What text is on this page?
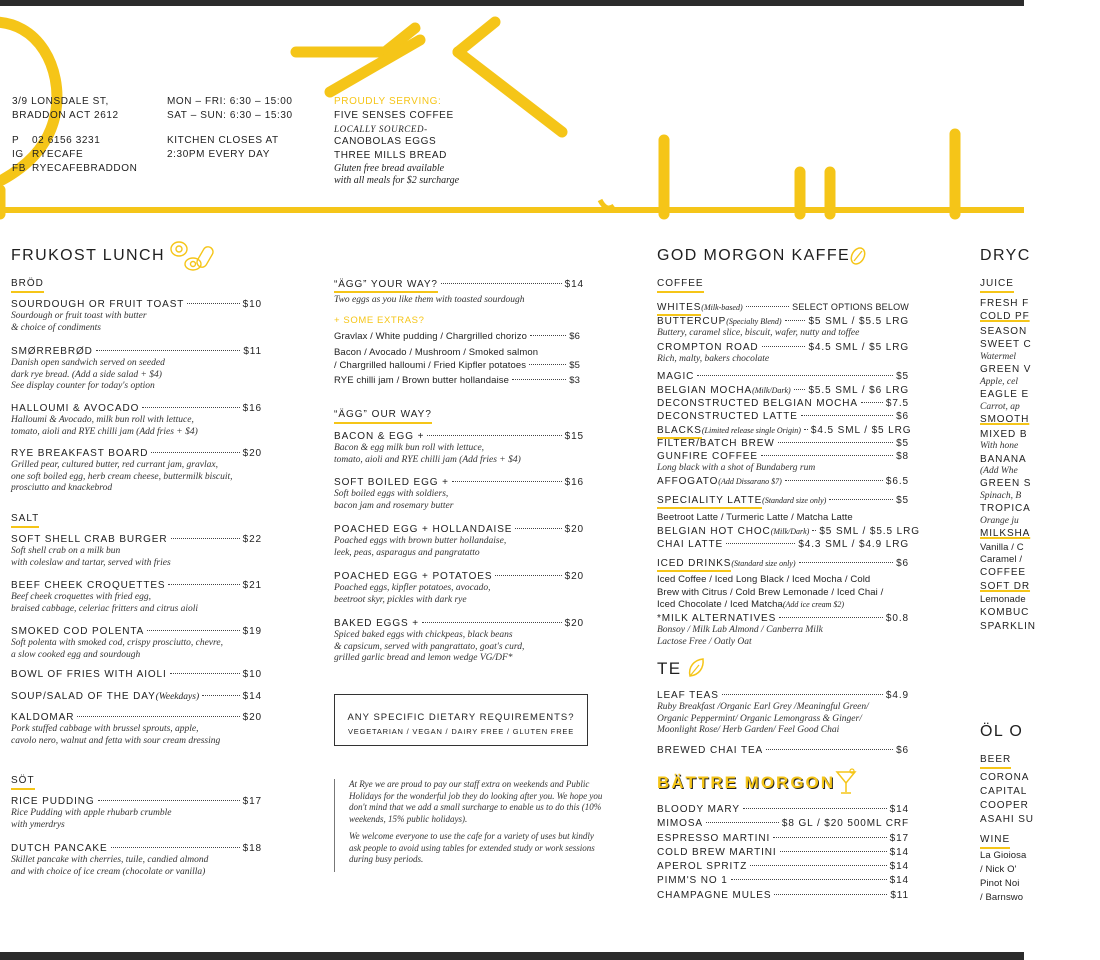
3/9 LONSDALE ST,
BRADDON ACT 2612
P 02 6156 3231
IG RYECAFE
FB RYECAFEBRADDON
MON – FRI: 6:30 – 15:00
SAT – SUN: 6:30 – 15:30
KITCHEN CLOSES AT
2:30PM EVERY DAY
PROUDLY SERVING:
FIVE SENSES COFFEE
LOCALLY SOURCED-
CANOBOLAS EGGS
THREE MILLS BREAD
Gluten free bread available
with all meals for $2 surcharge
FRUKOST LUNCH
BRÖD
SOURDOUGH OR FRUIT TOAST	$10
Sourdough or fruit toast with butter
& choice of condiments
SMØRREBRØD	$11
Danish open sandwich served on seeded
dark rye bread. (Add a side salad + $4)
See display counter for today's option
HALLOUMI & AVOCADO	$16
Halloumi & Avocado, milk bun roll with lettuce,
tomato, aioli and RYE chilli jam (Add fries + $4)
RYE BREAKFAST BOARD	$20
Grilled pear, cultured butter, red currant jam, gravlax,
one soft boiled egg, herb cream cheese, buttermilk biscuit,
prosciutto and knackebrod
SALT
SOFT SHELL CRAB BURGER	$22
Soft shell crab on a milk bun
with coleslaw and tartar, served with fries
BEEF CHEEK CROQUETTES	$21
Beef cheek croquettes with fried egg,
braised cabbage, celeriac fritters and citrus aioli
SMOKED COD POLENTA	$19
Soft polenta with smoked cod, crispy prosciutto, chevre,
a slow cooked egg and sourdough
BOWL OF FRIES WITH AIOLI	$10
SOUP/SALAD OF THE DAY (Weekdays)	$14
KALDOMAR	$20
Pork stuffed cabbage with brussel sprouts, apple,
cavolo nero, walnut and fetta with sour cream dressing
SÖT
RICE PUDDING	$17
Rice Pudding with apple rhubarb crumble
with ymerdrys
DUTCH PANCAKE	$18
Skillet pancake with cherries, tuile, candied almond
and with choice of ice cream (chocolate or vanilla)
“ÄGG” YOUR WAY?	$14
Two eggs as you like them with toasted sourdough
+ SOME EXTRAS?
Gravlax / White pudding / Chargrilled chorizo	$6
Bacon / Avocado / Mushroom / Smoked salmon
/ Chargrilled halloumi / Fried Kipfler potatoes	$5
RYE chilli jam / Brown butter hollandaise	$3
“ÄGG” OUR WAY?
BACON & EGG +	$15
Bacon & egg milk bun roll with lettuce,
tomato, aioli and RYE chilli jam (Add fries + $4)
SOFT BOILED EGG +	$16
Soft boiled eggs with soldiers,
bacon jam and rosemary butter
POACHED EGG + HOLLANDAISE	$20
Poached eggs with brown butter hollandaise,
leek, peas, asparagus and pangratatto
POACHED EGG + POTATOES	$20
Poached eggs, kipfler potatoes, avocado,
beetroot skyr, pickles with dark rye
BAKED EGGS +	$20
Spiced baked eggs with chickpeas, black beans
& capsicum, served with pangrattato, goat's curd,
grilled garlic bread and lemon wedge VG/DF*
ANY SPECIFIC DIETARY REQUIREMENTS?
VEGETARIAN / VEGAN / DAIRY FREE / GLUTEN FREE

At Rye we are proud to pay our staff extra on weekends and Public Holidays for the wonderful job they do looking after you. We hope you don't mind that we add a small surcharge to enable us to do this (10% weekends, 15% public holidays).

We welcome everyone to use the cafe for a variety of uses but kindly ask people to avoid using tables for extended study or work sessions during busy periods.

GOD MORGON KAFFE
COFFEE
WHITES (Milk-based)	SELECT OPTIONS BELOW
BUTTERCUP (Specialty Blend)	$5 SML / $5.5 LRG
Buttery, caramel slice, biscuit, wafer, nutty and toffee
CROMPTON ROAD	$4.5 SML / $5 LRG
Rich, malty, bakers chocolate
MAGIC	$5
BELGIAN MOCHA (Milk/Dark) $5.5 SML / $6 LRG
DECONSTRUCTED BELGIAN MOCHA	$7.5
DECONSTRUCTED LATTE	$6
BLACKS (Limited release single Origin) $4.5 SML / $5 LRG
FILTER/BATCH BREW	$5
GUNFIRE COFFEE	$8
Long black with a shot of Bundaberg rum
AFFOGATO (Add Dissarano $7)	$6.5
SPECIALITY LATTE (Standard size only)	$5
Beetroot Latte / Turmeric Latte / Matcha Latte
BELGIAN HOT CHOC (Milk/Dark) $5 SML / $5.5 LRG
CHAI LATTE	$4.3 SML / $4.9 LRG
ICED DRINKS (Standard size only)	$6
Iced Coffee / Iced Long Black / Iced Mocha / Cold
Brew with Citrus / Cold Brew Lemonade / Iced Chai /
Iced Chocolate / Iced Matcha(Add ice cream $2)
*MILK ALTERNATIVES	$0.8
Bonsoy / Milk Lab Almond / Canberra Milk
Lactose Free / Oatly Oat
TE
LEAF TEAS	$4.9
Ruby Breakfast /Organic Earl Grey /Meaningful Green/
Organic Peppermint/ Organic Lemongrass & Ginger/
Moonlight Rose/ Herb Garden/ Feel Good Chai
BREWED CHAI TEA	$6
BÄTTRE MORGON
BLOODY MARY	$14
MIMOSA	$8 GL / $20 500ML CRF
ESPRESSO MARTINI	$17
COLD BREW MARTINI	$14
APEROL SPRITZ	$14
PIMM'S NO 1	$14
CHAMPAGNE MULES	$11
DRYC
JUICE
FRESH F
COLD PF
SEASON
SWEET C
Watermel
GREEN V
Apple, cel
EAGLE E
Carrot, ap
SMOOTH
MIXED B
With hone
BANANA
(Add Whe
GREEN S
Spinach, B
TROPICA
Orange ju
MILKSHA
Vanilla / C
Caramel /
COFFEE
SOFT DR
Lemonade
KOMBUC
SPARKLIN
ÖL O
BEER
CORONA
CAPITAL
COOPER
ASAHI SU
WINE
La Gioiosa
/ Nick O'
Pinot Noi
/ Barnswo
